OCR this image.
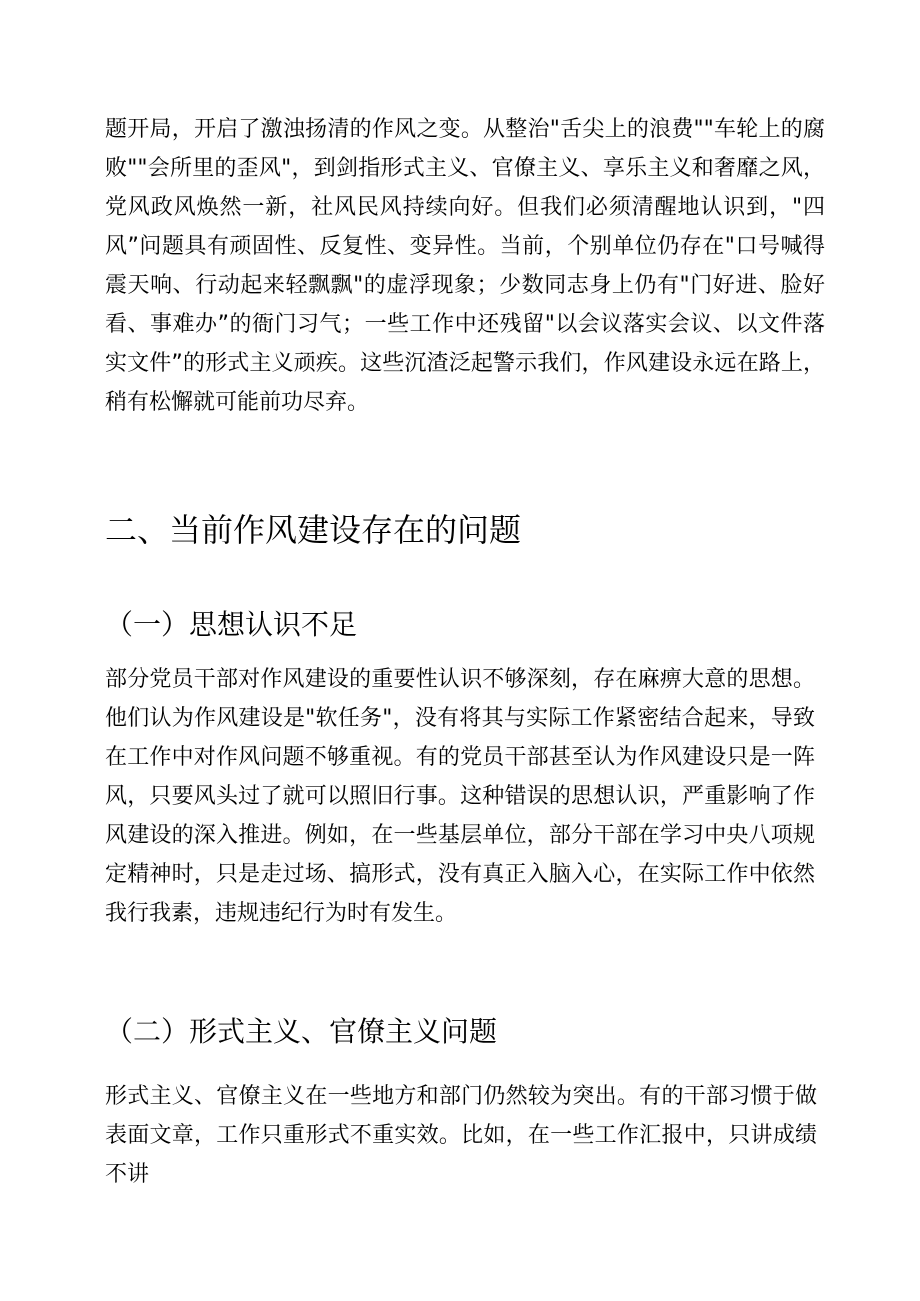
题开局，开启了激浊扬清的作风之变。从整治"舌尖上的浪费""车轮上的腐败""会所里的歪风"，到剑指形式主义、官僚主义、享乐主义和奢靡之风，党风政风焕然一新，社风民风持续向好。但我们必须清醒地认识到，"四风”问题具有顽固性、反复性、变异性。当前，个别单位仍存在"口号喊得震天响、行动起来轻飘飘"的虚浮现象；少数同志身上仍有"门好进、脸好看、事难办”的衙门习气；一些工作中还残留"以会议落实会议、以文件落实文件”的形式主义顽疾。这些沉渣泛起警示我们，作风建设永远在路上，稍有松懈就可能前功尽弃。

二、当前作风建设存在的问题
（一）思想认识不足

部分党员干部对作风建设的重要性认识不够深刻，存在麻痹大意的思想。他们认为作风建设是"软任务"，没有将其与实际工作紧密结合起来，导致在工作中对作风问题不够重视。有的党员干部甚至认为作风建设只是一阵风，只要风头过了就可以照旧行事。这种错误的思想认识，严重影响了作风建设的深入推进。例如，在一些基层单位，部分干部在学习中央八项规定精神时，只是走过场、搞形式，没有真正入脑入心，在实际工作中依然我行我素，违规违纪行为时有发生。

（二）形式主义、官僚主义问题

形式主义、官僚主义在一些地方和部门仍然较为突出。有的干部习惯于做表面文章，工作只重形式不重实效。比如，在一些工作汇报中，只讲成绩不讲
